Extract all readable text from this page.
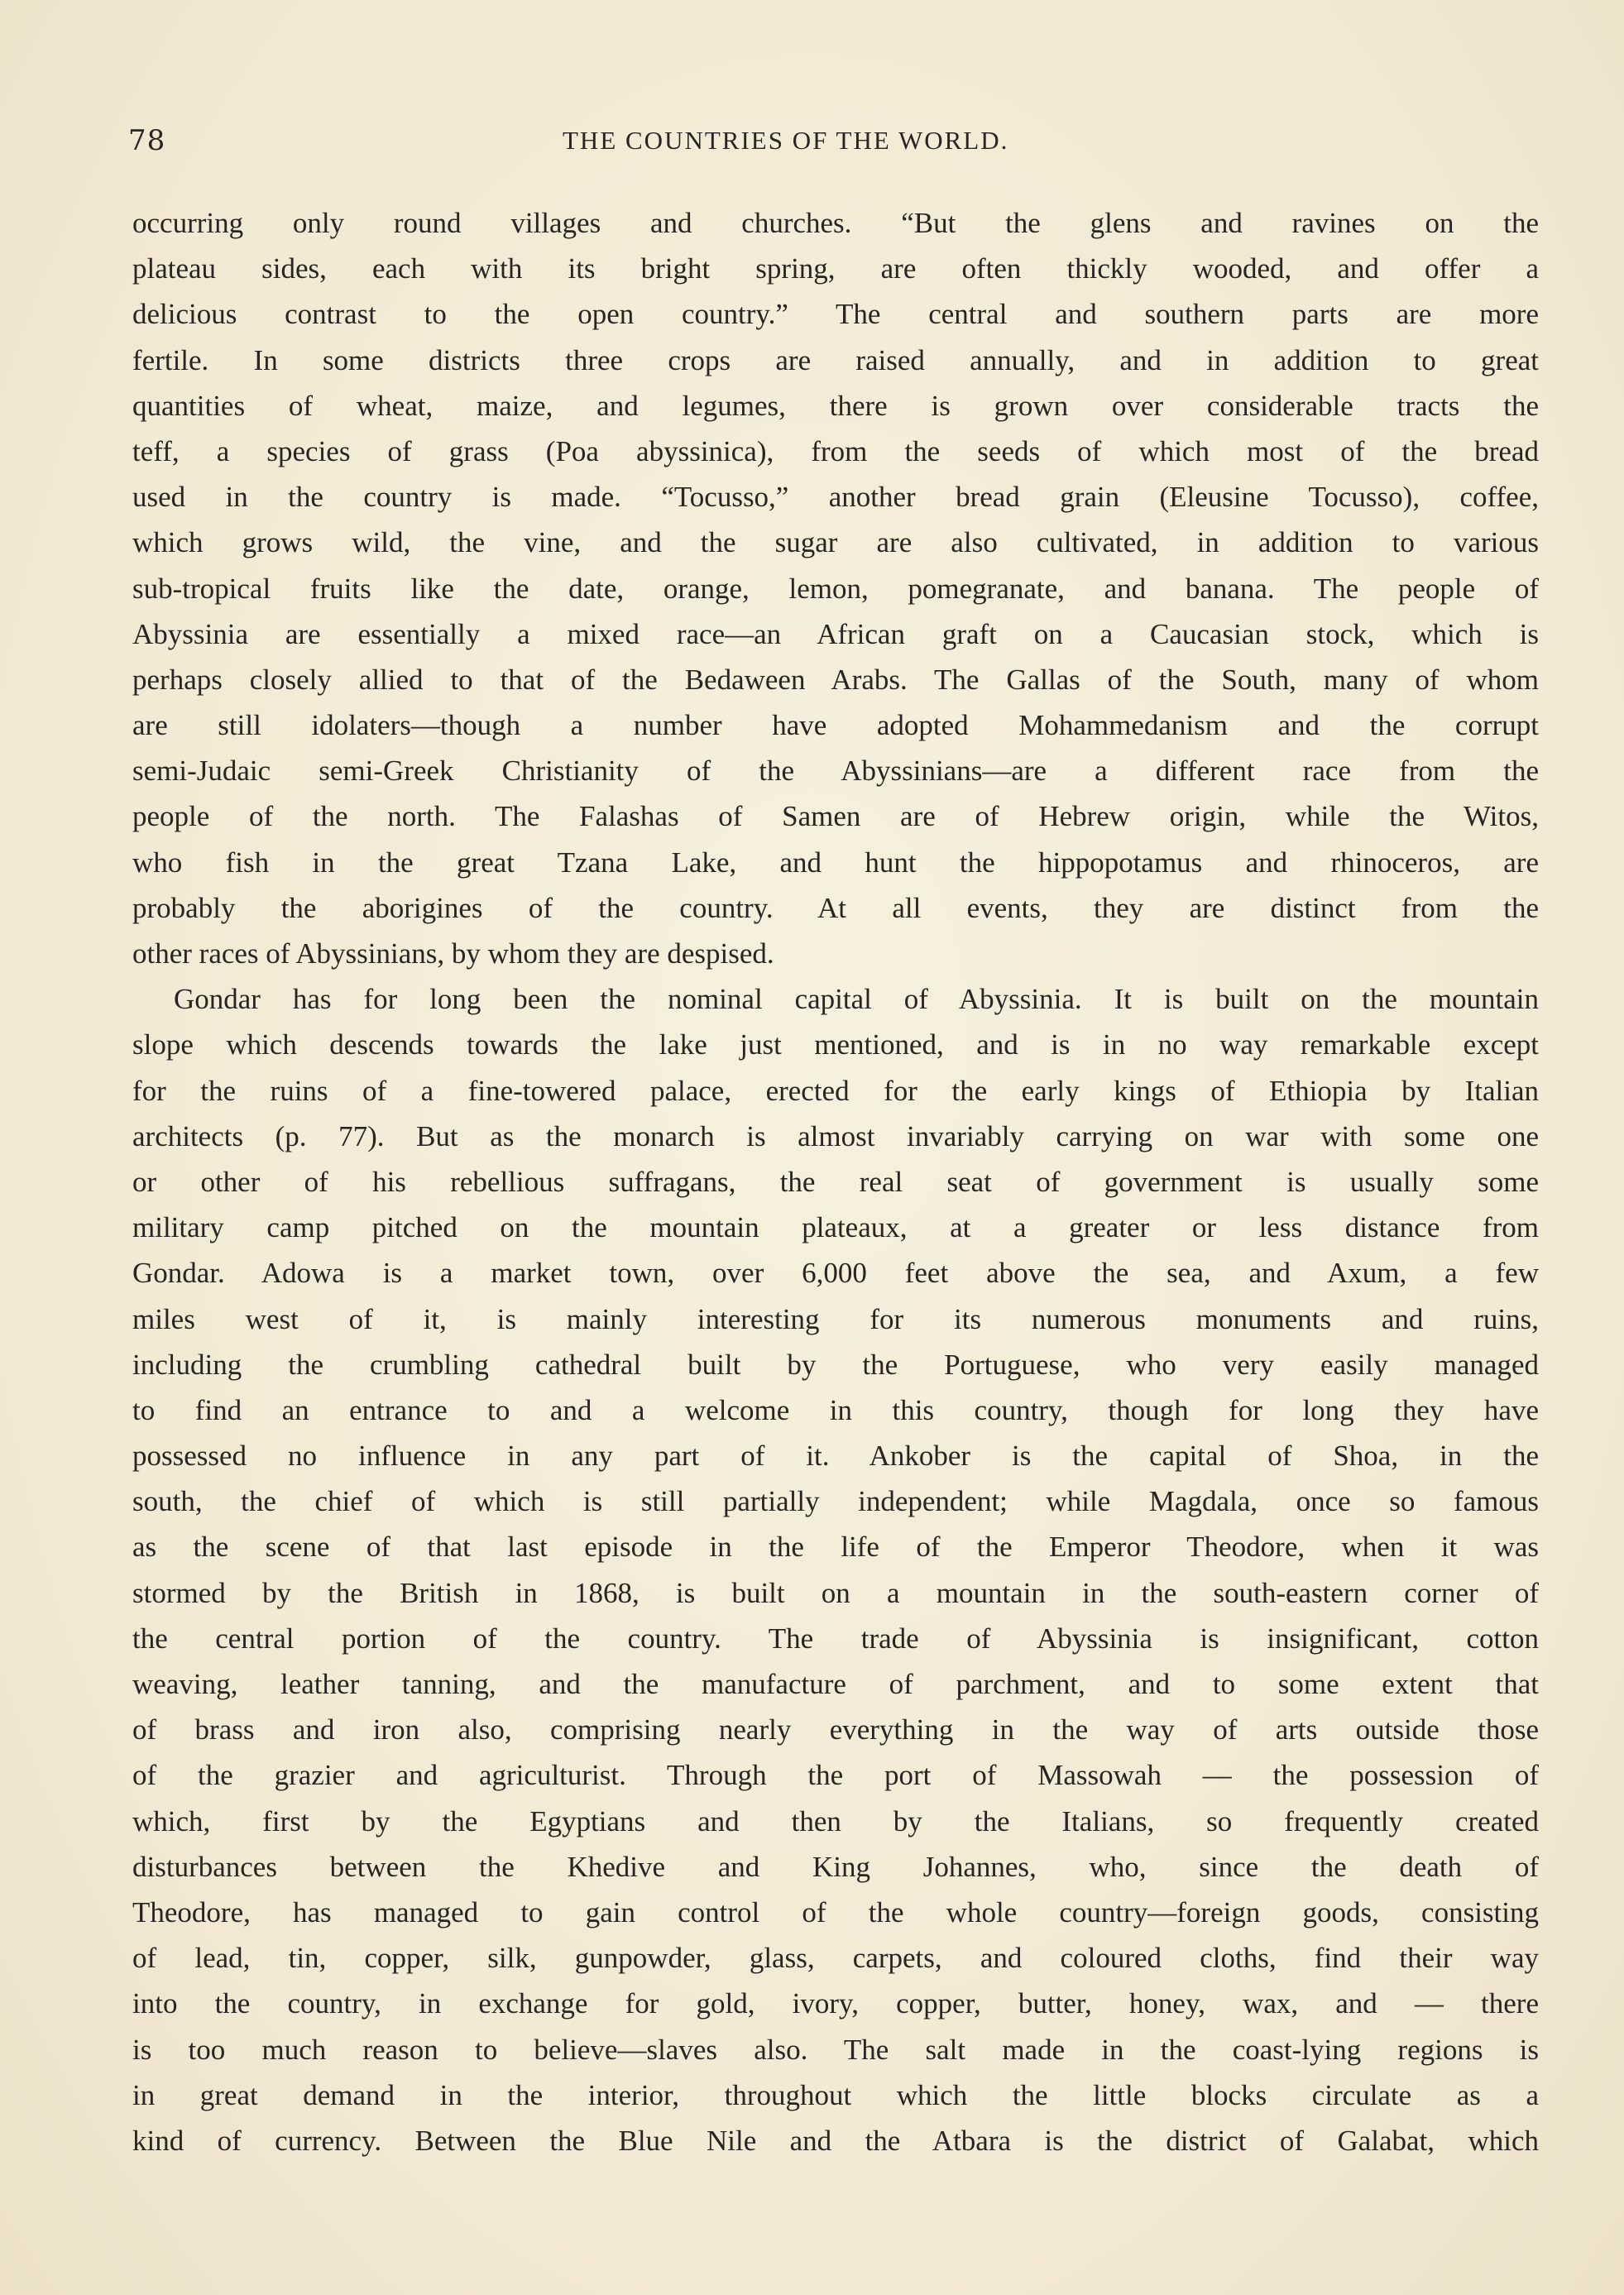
78	THE COUNTRIES OF THE WORLD.
occurring only round villages and churches. “But the glens and ravines on the
plateau sides, each with its bright spring, are often thickly wooded, and offer a
delicious contrast to the open country.” The central and southern parts are more
fertile. In some districts three crops are raised annually, and in addition to great
quantities of wheat, maize, and legumes, there is grown over considerable tracts the
teff, a species of grass (Poa abyssinica), from the seeds of which most of the bread
used in the country is made. “Tocusso,” another bread grain (Eleusine Tocusso), coffee,
which grows wild, the vine, and the sugar are also cultivated, in addition to various
sub-tropical fruits like the date, orange, lemon, pomegranate, and banana. The people of
Abyssinia are essentially a mixed race—an African graft on a Caucasian stock, which is
perhaps closely allied to that of the Bedaween Arabs. The Gallas of the South, many of whom
are still idolaters—though a number have adopted Mohammedanism and the corrupt
semi-Judaic semi-Greek Christianity of the Abyssinians—are a different race from the
people of the north. The Falashas of Samen are of Hebrew origin, while the Witos,
who fish in the great Tzana Lake, and hunt the hippopotamus and rhinoceros, are
probably the aborigines of the country. At all events, they are distinct from the
other races of Abyssinians, by whom they are despised.
Gondar has for long been the nominal capital of Abyssinia. It is built on the mountain
slope which descends towards the lake just mentioned, and is in no way remarkable except
for the ruins of a fine-towered palace, erected for the early kings of Ethiopia by Italian
architects (p. 77). But as the monarch is almost invariably carrying on war with some one
or other of his rebellious suffragans, the real seat of government is usually some
military camp pitched on the mountain plateaux, at a greater or less distance from
Gondar. Adowa is a market town, over 6,000 feet above the sea, and Axum, a few
miles west of it, is mainly interesting for its numerous monuments and ruins,
including the crumbling cathedral built by the Portuguese, who very easily managed
to find an entrance to and a welcome in this country, though for long they have
possessed no influence in any part of it. Ankober is the capital of Shoa, in the
south, the chief of which is still partially independent; while Magdala, once so famous
as the scene of that last episode in the life of the Emperor Theodore, when it was
stormed by the British in 1868, is built on a mountain in the south-eastern corner of
the central portion of the country. The trade of Abyssinia is insignificant, cotton
weaving, leather tanning, and the manufacture of parchment, and to some extent that
of brass and iron also, comprising nearly everything in the way of arts outside those
of the grazier and agriculturist. Through the port of Massowah — the possession of
which, first by the Egyptians and then by the Italians, so frequently created
disturbances between the Khedive and King Johannes, who, since the death of
Theodore, has managed to gain control of the whole country—foreign goods, consisting
of lead, tin, copper, silk, gunpowder, glass, carpets, and coloured cloths, find their way
into the country, in exchange for gold, ivory, copper, butter, honey, wax, and — there
is too much reason to believe—slaves also. The salt made in the coast-lying regions is
in great demand in the interior, throughout which the little blocks circulate as a
kind of currency. Between the Blue Nile and the Atbara is the district of Galabat, which
